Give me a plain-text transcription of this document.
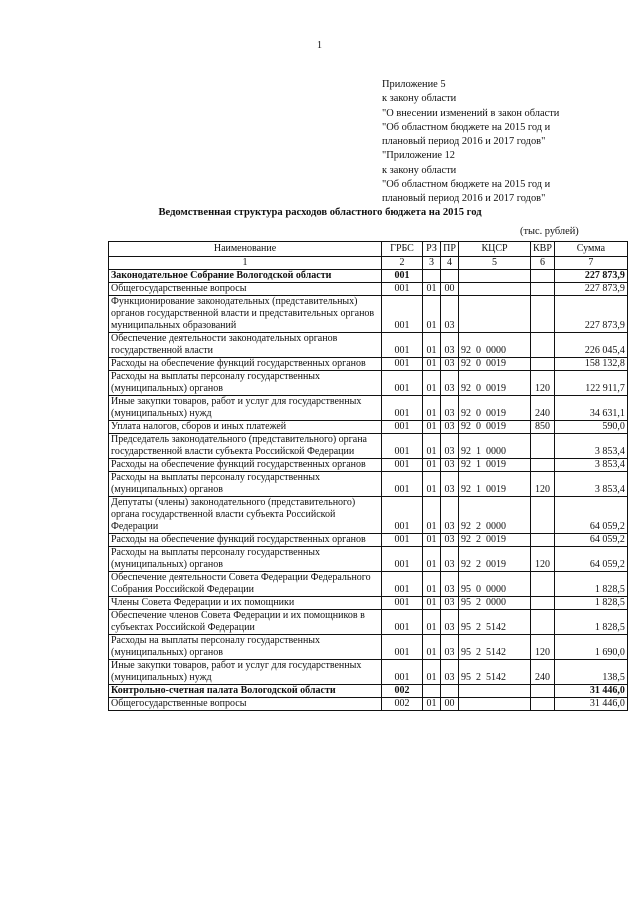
1
Приложение 5
к закону области
"О внесении изменений в закон области
"Об областном бюджете на 2015 год и
плановый период 2016 и 2017 годов"
"Приложение 12
к закону области
"Об областном бюджете на 2015 год и
плановый период 2016 и 2017 годов"
Ведомственная структура расходов областного бюджета на 2015 год
(тыс. рублей)
Наименование	ГРБС	РЗ	ПР	КЦСР	КВР	Сумма
1	2	3	4	5	6	7
Законодательное Собрание Вологодской области	001					227 873,9
Общегосударственные вопросы	001	01	00			227 873,9
Функционирование законодательных (представительных) органов государственной власти и представительных органов муниципальных образований	001	01	03			227 873,9
Обеспечение деятельности законодательных органов государственной власти	001	01	03	92  0  0000		226 045,4
Расходы на обеспечение функций государственных органов	001	01	03	92  0  0019		158 132,8
Расходы на выплаты персоналу государственных (муниципальных) органов	001	01	03	92  0  0019	120	122 911,7
Иные закупки товаров, работ и услуг для государственных (муниципальных) нужд	001	01	03	92  0  0019	240	34 631,1
Уплата налогов, сборов и иных платежей	001	01	03	92  0  0019	850	590,0
Председатель законодательного (представительного) органа государственной власти субъекта Российской Федерации	001	01	03	92  1  0000		3 853,4
Расходы на обеспечение функций государственных органов	001	01	03	92  1  0019		3 853,4
Расходы на выплаты персоналу государственных (муниципальных) органов	001	01	03	92  1  0019	120	3 853,4
Депутаты (члены) законодательного (представительного) органа государственной власти субъекта Российской Федерации	001	01	03	92  2  0000		64 059,2
Расходы на обеспечение функций государственных органов	001	01	03	92  2  0019		64 059,2
Расходы на выплаты персоналу государственных (муниципальных) органов	001	01	03	92  2  0019	120	64 059,2
Обеспечение деятельности Совета Федерации Федерального Собрания Российской Федерации	001	01	03	95  0  0000		1 828,5
Члены Совета Федерации и их помощники	001	01	03	95  2  0000		1 828,5
Обеспечение членов Совета Федерации и их помощников в субъектах Российской Федерации	001	01	03	95  2  5142		1 828,5
Расходы на выплаты персоналу государственных (муниципальных) органов	001	01	03	95  2  5142	120	1 690,0
Иные закупки товаров, работ и услуг для государственных (муниципальных) нужд	001	01	03	95  2  5142	240	138,5
Контрольно-счетная палата Вологодской области	002					31 446,0
Общегосударственные вопросы	002	01	00			31 446,0
